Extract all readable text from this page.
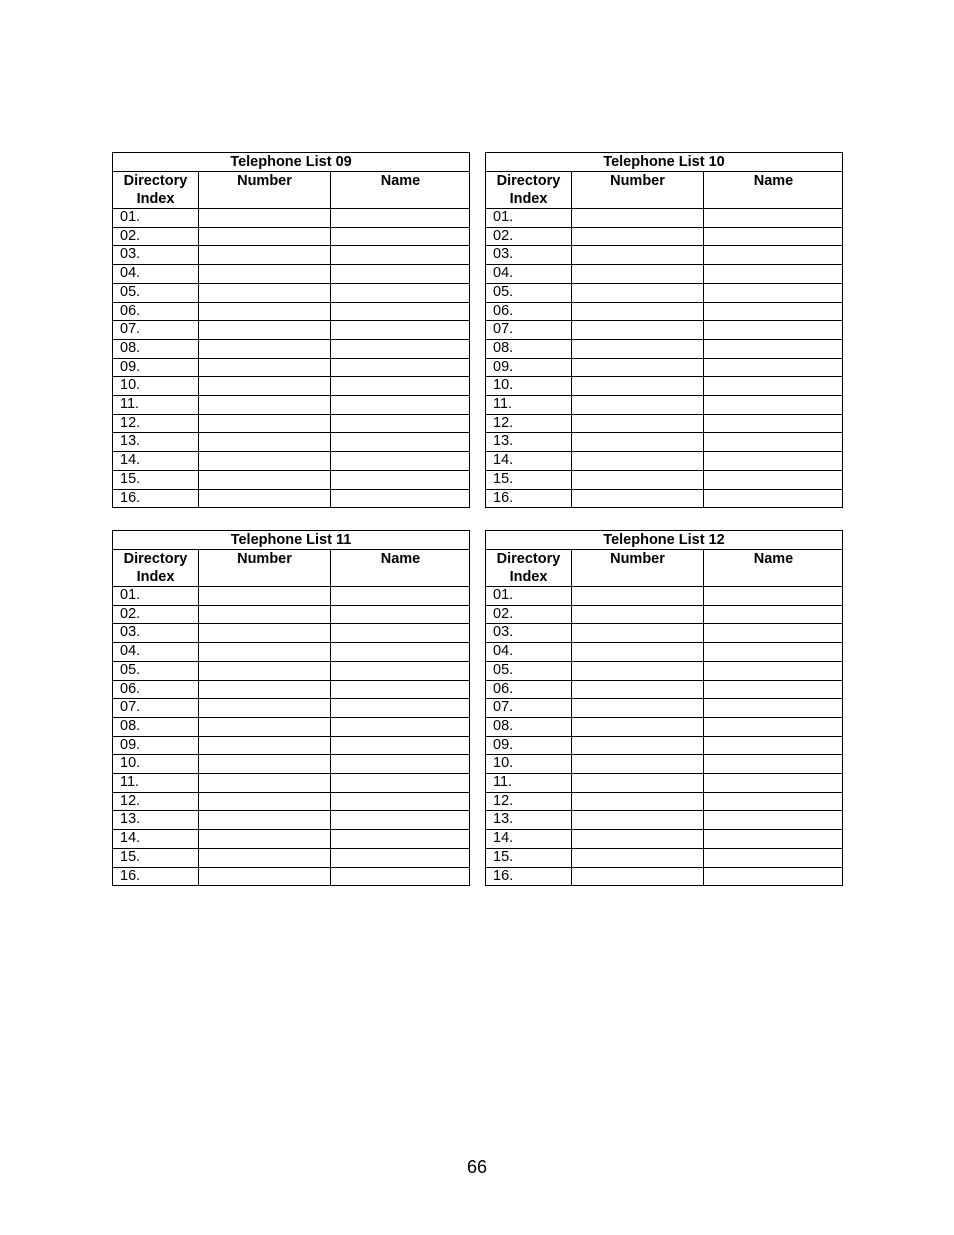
Telephone List 09		

Directory
Index	Number	Name
01.		
02.		
03.		
04.		
05.		
06.		
07.		
08.		
09.		
10.		
11.		
12.		
13.		
14.		
15.		
16.		
Telephone List 10		

Directory
Index	Number	Name
01.		
02.		
03.		
04.		
05.		
06.		
07.		
08.		
09.		
10.		
11.		
12.		
13.		
14.		
15.		
16.		
Telephone List 11		

Directory
Index	Number	Name
01.		
02.		
03.		
04.		
05.		
06.		
07.		
08.		
09.		
10.		
11.		
12.		
13.		
14.		
15.		
16.		
Telephone List 12		

Directory
Index	Number	Name
01.		
02.		
03.		
04.		
05.		
06.		
07.		
08.		
09.		
10.		
11.		
12.		
13.		
14.		
15.		
16.		
66
